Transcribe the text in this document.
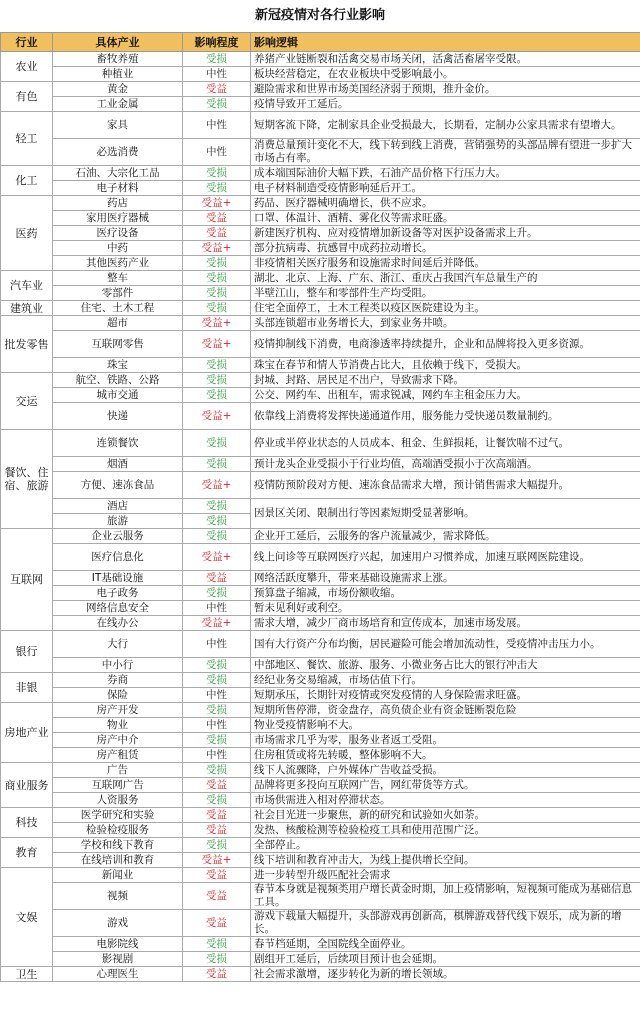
新冠疫情对各行业影响
行业	具体产业	影响程度	影响逻辑
农业	畜牧养殖	受损	养猪产业链断裂和活禽交易市场关闭，活禽活畜屠宰受限。
	种植业	中性	板块经营稳定，在农业板块中受影响最小。
有色	黄金	受益	避险需求和世界市场美国经济弱于预期，推升金价。
	工业金属	受损	疫情导致开工延后。
轻工	家具	中性	短期客流下降，定制家具企业受损最大，长期看，定制办公家具需求有望增大。
	必选消费	中性	消费总量预计变化不大，线下转到线上消费，营销强势的头部品牌有望进一步扩大市场占有率。
化工	石油、大宗化工品	受损	成本端国际油价大幅下跌，石油产品价格下行压力大。
	电子材料	受损	电子材料制造受疫情影响延后开工。
医药	药店	受益+	药品、医疗器械明确增长，供不应求。
	家用医疗器械	受益	口罩、体温计、酒精、雾化仪等需求旺盛。
	医疗设备	受益	新建医疗机构、应对疫情增加新设备等对医护设备需求上升。
	中药	受益+	部分抗病毒、抗感冒中成药拉动增长。
	其他医药产业	受损	非疫情相关医疗服务和设施需求时间延后并降低。
汽车业	整车	受损	湖北、北京、上海、广东、浙江、重庆占我国汽车总量生产的
	零部件	受损	半壁江山，整车和零部件生产均受阻。
建筑业	住宅、土木工程	受损	住宅全面停工，土木工程类以疫区医院建设为主。
批发零售	超市	受益+	头部连锁超市业务增长大，到家业务井喷。
	互联网零售	受益+	疫情抑制线下消费，电商渗透率持续提升，企业和品牌将投入更多资源。
	珠宝	受损	珠宝在春节和情人节消费占比大，且依赖于线下，受损大。
交运	航空、铁路、公路	受损	封城、封路、居民足不出户，导致需求下降。
	城市交通	受损	公交、网约车、出租车，需求锐减，网约车主租金压力大。
	快递	受益+	依靠线上消费将发挥快递通道作用，服务能力受快递员数量制约。
餐饮、住宿、旅游	连锁餐饮	受损	停业或半停业状态的人员成本、租金、生鲜损耗，让餐饮喘不过气。
	烟酒	受损	预计龙头企业受损小于行业均值，高端酒受损小于次高端酒。
	方便、速冻食品	受益+	疫情防预阶段对方便、速冻食品需求大增，预计销售需求大幅提升。
	酒店	受损	因景区关闭、限制出行等因素短期受显著影响。
	旅游	受损	
互联网	企业云服务	受损	企业开工延后，云服务的客户流量减少，需求降低。
	医疗信息化	受益+	线上问诊等互联网医疗兴起，加速用户习惯养成，加速互联网医院建设。
	IT基础设施	受益	网络活跃度攀升，带来基础设施需求上涨。
	电子政务	受损	预算盘子缩减，市场份额收缩。
	网络信息安全	中性	暂未见利好或利空。
	在线办公	受益+	需求大增，减少厂商市场培育和宣传成本，加速市场发展。
银行	大行	中性	国有大行资产分布均衡，居民避险可能会增加流动性，受疫情冲击压力小。
	中小行	受损	中部地区、餐饮、旅游、服务、小微业务占比大的银行冲击大
非银	券商	受损	经纪业务交易缩减，市场估值下行。
	保险	中性	短期承压，长期针对疫情或突发疫情的人身保险需求旺盛。
房地产业	房产开发	受损	短期所售停滞，资金盘存，高负债企业有资金链断裂危险
	物业	中性	物业受疫情影响不大。
	房产中介	受损	市场需求几乎为零，服务业者返工受阻。
	房产租赁	中性	住房租赁或将先转暖，整体影响不大。
商业服务	广告	受损	线下人流骤降，户外媒体广告收益受损。
	互联网广告	受益	品牌将更多投向互联网广告，网红带货等方式。
	人资服务	受损	市场供需进入相对停滞状态。
科技	医学研究和实验	受益	社会目光进一步聚焦，新的研究和试验如火如荼。
	检验检疫服务	受益	发热、核酸检测等检验检疫工具和使用范围广泛。
教育	学校和线下教育	受损	全部停止。
	在线培训和教育	受益+	线下培训和教育冲击大，为线上提供增长空间。
文娱	新闻业	受益	进一步转型升级匹配社会需求
	视频	受益	春节本身就是视频类用户增长黄金时期，加上疫情影响，短视频可能成为基础信息工具。
	游戏	受益	游戏下载量大幅提升，头部游戏再创新高，棋牌游戏替代线下娱乐，成为新的增长。
	电影院线	受损	春节档延期，全国院线全面停业。
	影视剧	受损	剧组开工延后，后续项目预计也会延期。
卫生	心理医生	受益	社会需求激增，逐步转化为新的增长领域。
